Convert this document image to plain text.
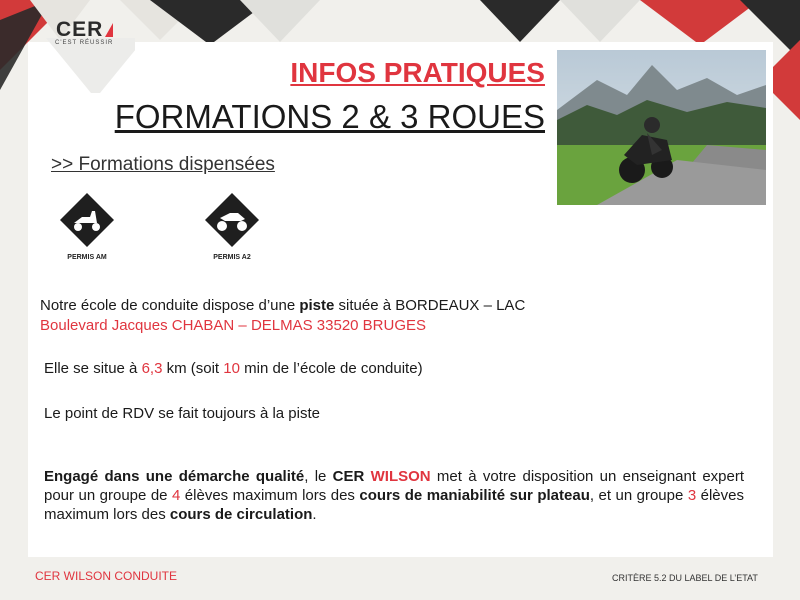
CER
C'EST RÉUSSIR
INFOS PRATIQUES
FORMATIONS 2 & 3 ROUES
>> Formations dispensées
PERMIS AM	PERMIS A2
Notre école de conduite dispose d’une piste située à BORDEAUX – LAC
Boulevard Jacques CHABAN – DELMAS 33520 BRUGES
Elle se situe à 6,3 km (soit 10 min de l’école de conduite)
Le point de RDV se fait toujours à la piste
Engagé dans une démarche qualité, le CER WILSON met à votre disposition un enseignant expert pour un groupe de 4 élèves maximum lors des cours de maniabilité sur plateau, et un groupe 3 élèves maximum lors des cours de circulation.
CER WILSON CONDUITE	CRITÈRE 5.2 DU LABEL DE L’ETAT
